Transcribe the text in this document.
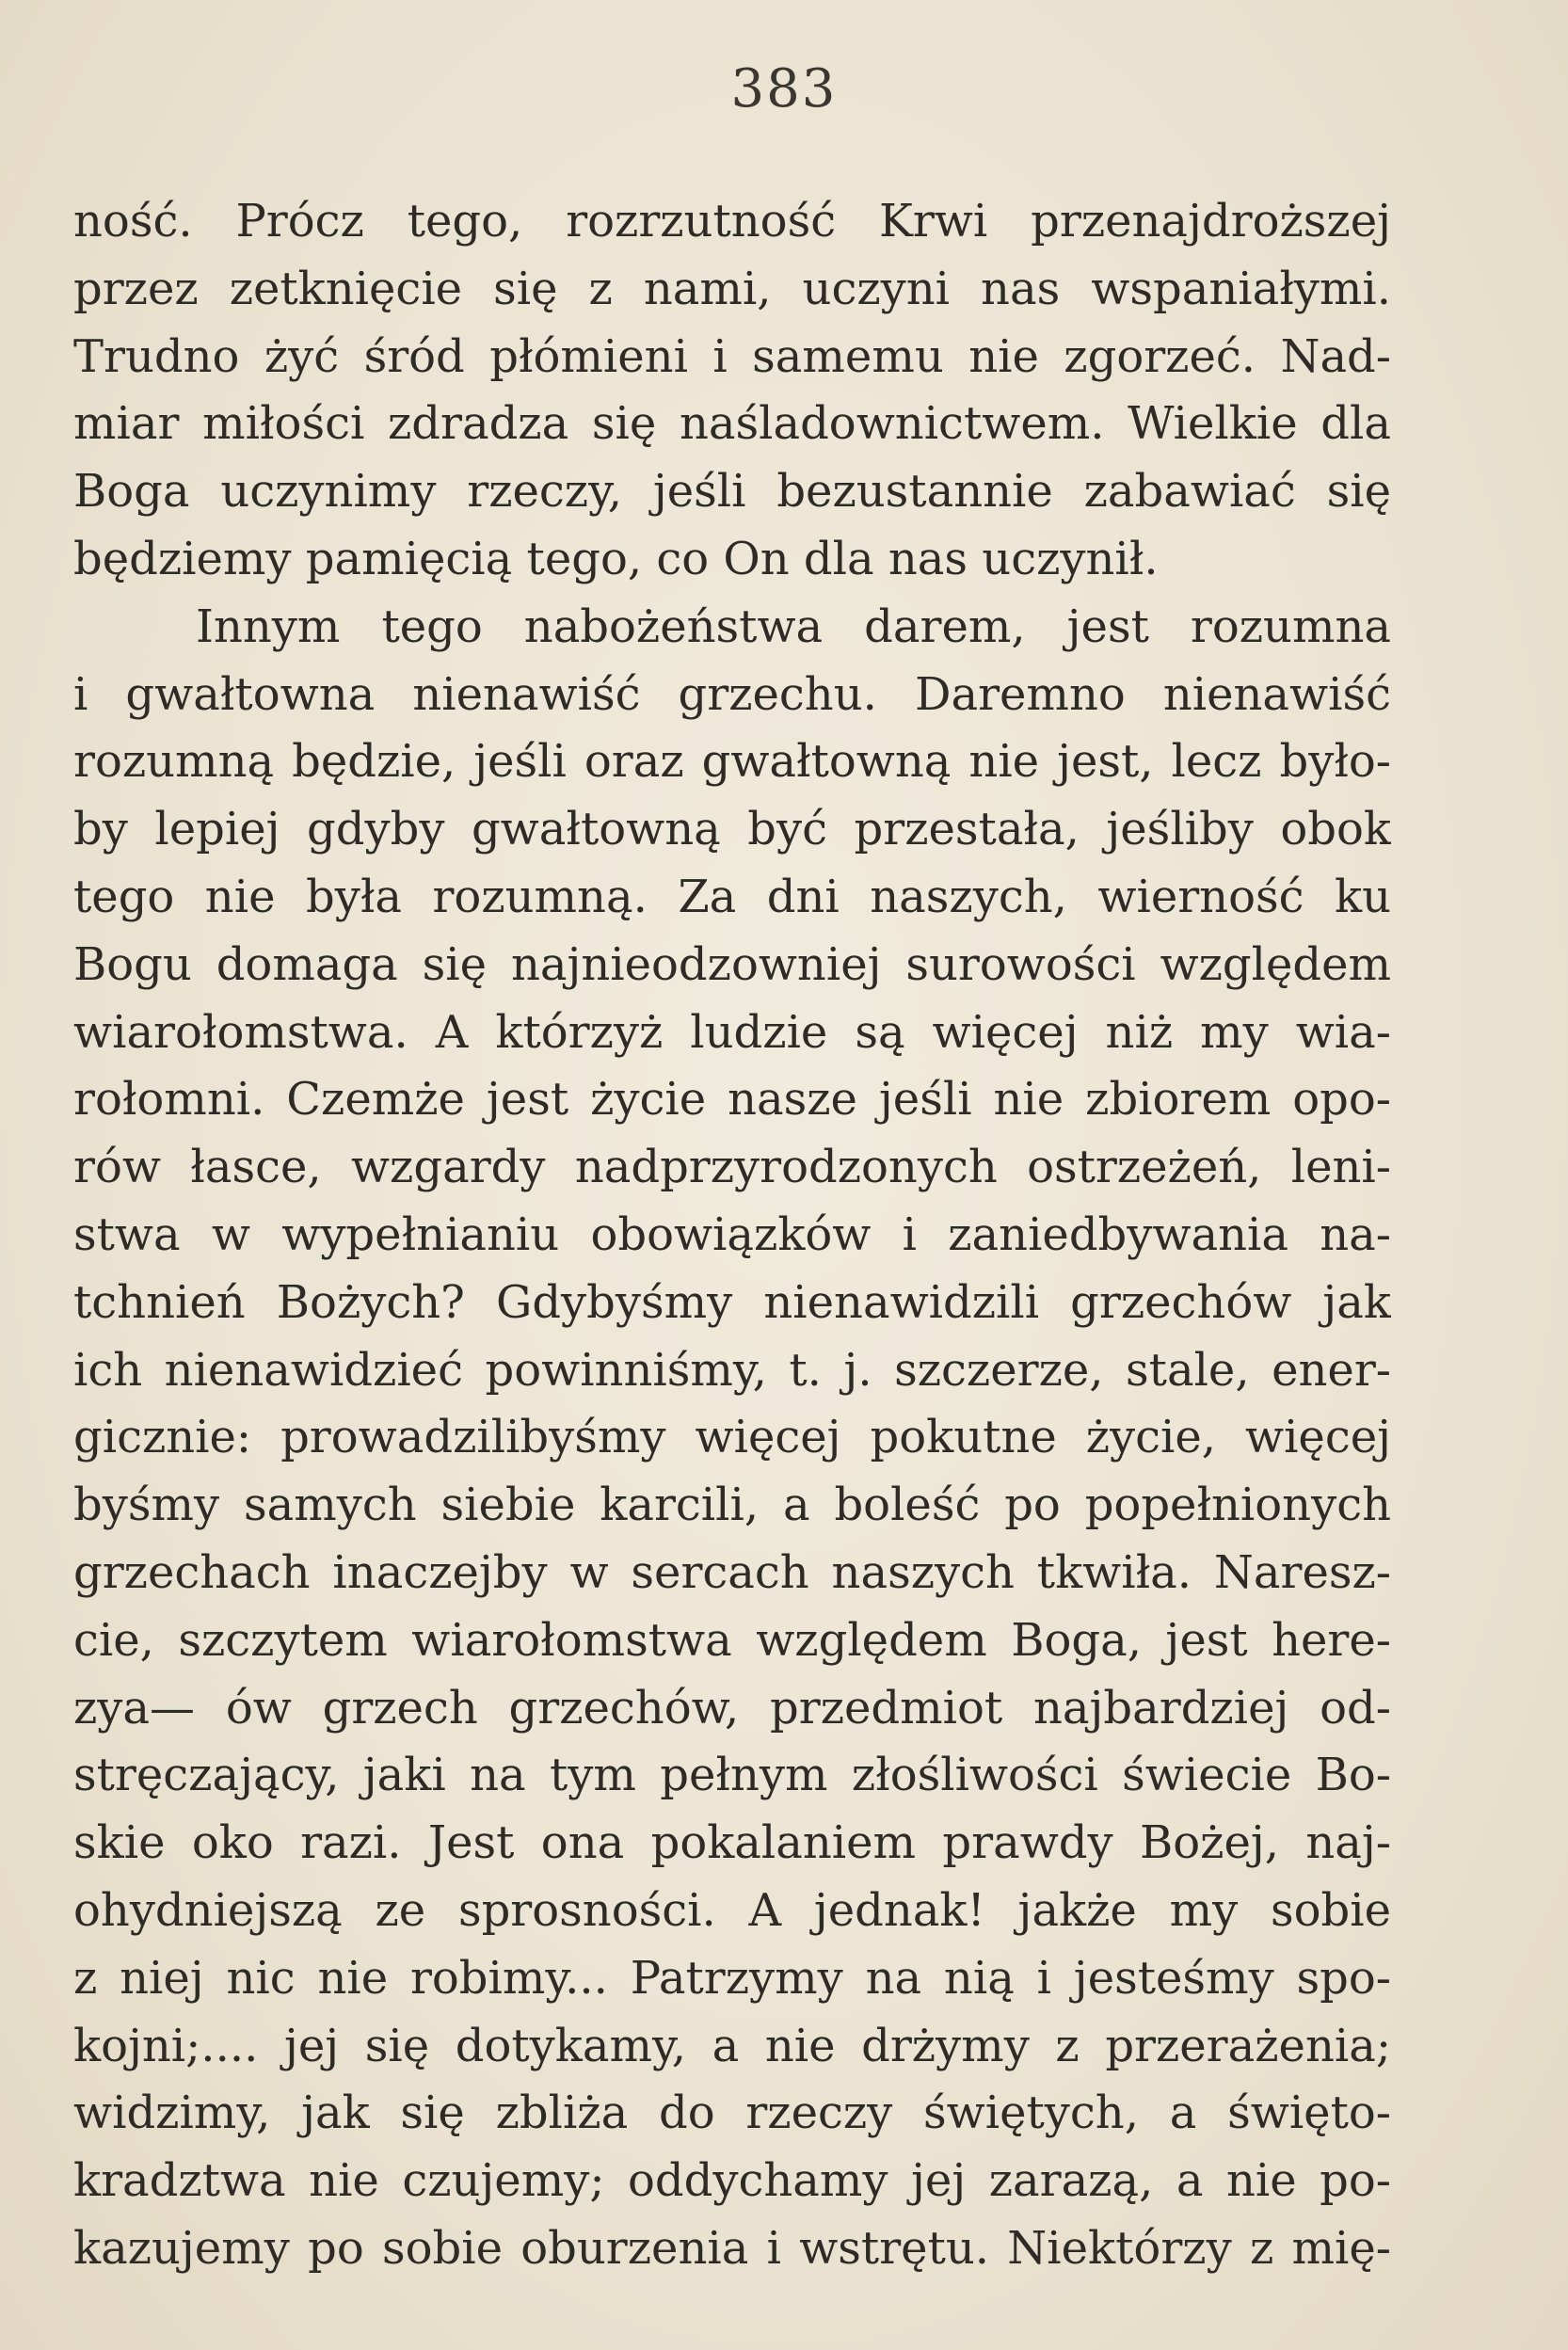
383
ność. Prócz tego, rozrzutność Krwi przenajdroższej
przez zetknięcie się z nami, uczyni nas wspaniałymi.
Trudno żyć śród płómieni i samemu nie zgorzeć. Nad-
miar miłości zdradza się naśladownictwem. Wielkie dla
Boga uczynimy rzeczy, jeśli bezustannie zabawiać się
będziemy pamięcią tego, co On dla nas uczynił.
Innym tego nabożeństwa darem, jest rozumna
i gwałtowna nienawiść grzechu. Daremno nienawiść
rozumną będzie, jeśli oraz gwałtowną nie jest, lecz było-
by lepiej gdyby gwałtowną być przestała, jeśliby obok
tego nie była rozumną. Za dni naszych, wierność ku
Bogu domaga się najnieodzowniej surowości względem
wiarołomstwa. A którzyż ludzie są więcej niż my wia-
rołomni. Czemże jest życie nasze jeśli nie zbiorem opo-
rów łasce, wzgardy nadprzyrodzonych ostrzeżeń, leni-
stwa w wypełnianiu obowiązków i zaniedbywania na-
tchnień Bożych? Gdybyśmy nienawidzili grzechów jak
ich nienawidzieć powinniśmy, t. j. szczerze, stale, ener-
gicznie: prowadzilibyśmy więcej pokutne życie, więcej
byśmy samych siebie karcili, a boleść po popełnionych
grzechach inaczejby w sercach naszych tkwiła. Naresz-
cie, szczytem wiarołomstwa względem Boga, jest here-
zya— ów grzech grzechów, przedmiot najbardziej od-
stręczający, jaki na tym pełnym złośliwości świecie Bo-
skie oko razi. Jest ona pokalaniem prawdy Bożej, naj-
ohydniejszą ze sprosności. A jednak! jakże my sobie
z niej nic nie robimy... Patrzymy na nią i jesteśmy spo-
kojni;.... jej się dotykamy, a nie drżymy z przerażenia;
widzimy, jak się zbliża do rzeczy świętych, a święto-
kradztwa nie czujemy; oddychamy jej zarazą, a nie po-
kazujemy po sobie oburzenia i wstrętu. Niektórzy z mię-
